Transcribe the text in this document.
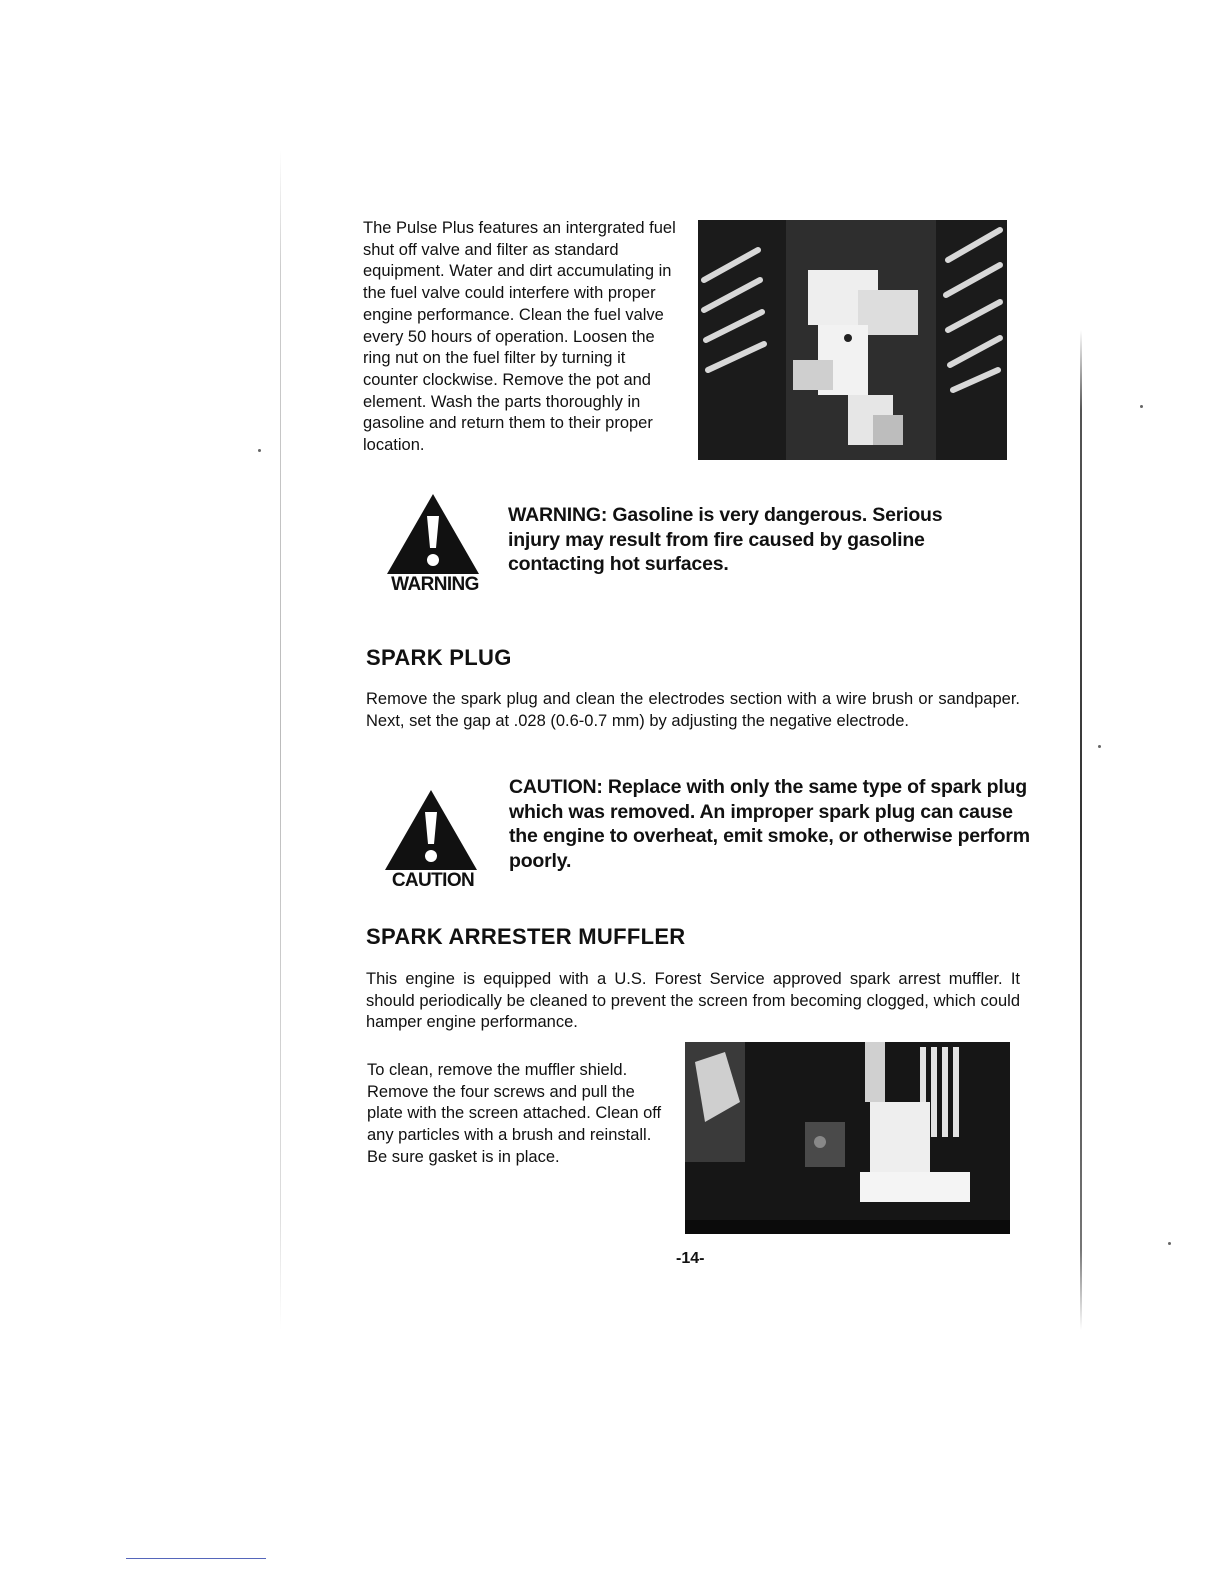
The Pulse Plus features an intergrated fuel shut off valve and filter as standard equipment. Water and dirt accumulating in the fuel valve could interfere with proper engine performance. Clean the fuel valve every 50 hours of operation. Loosen the ring nut on the fuel filter by turning it counter clockwise. Remove the pot and element. Wash the parts thoroughly in gasoline and return them to their proper location.

WARNING

WARNING: Gasoline is very dangerous. Serious injury may result from fire caused by gasoline contacting hot surfaces.

SPARK PLUG

Remove the spark plug and clean the electrodes section with a wire brush or sandpaper. Next, set the gap at .028 (0.6-0.7 mm) by adjusting the negative electrode.

CAUTION

CAUTION: Replace with only the same type of spark plug which was removed. An improper spark plug can cause the engine to overheat, emit smoke, or otherwise perform poorly.

SPARK ARRESTER MUFFLER

This engine is equipped with a U.S. Forest Service approved spark arrest muffler. It should periodically be cleaned to prevent the screen from becoming clogged, which could hamper engine performance.

To clean, remove the muffler shield. Remove the four screws and pull the plate with the screen attached. Clean off any particles with a brush and reinstall. Be sure gasket is in place.

-14-
